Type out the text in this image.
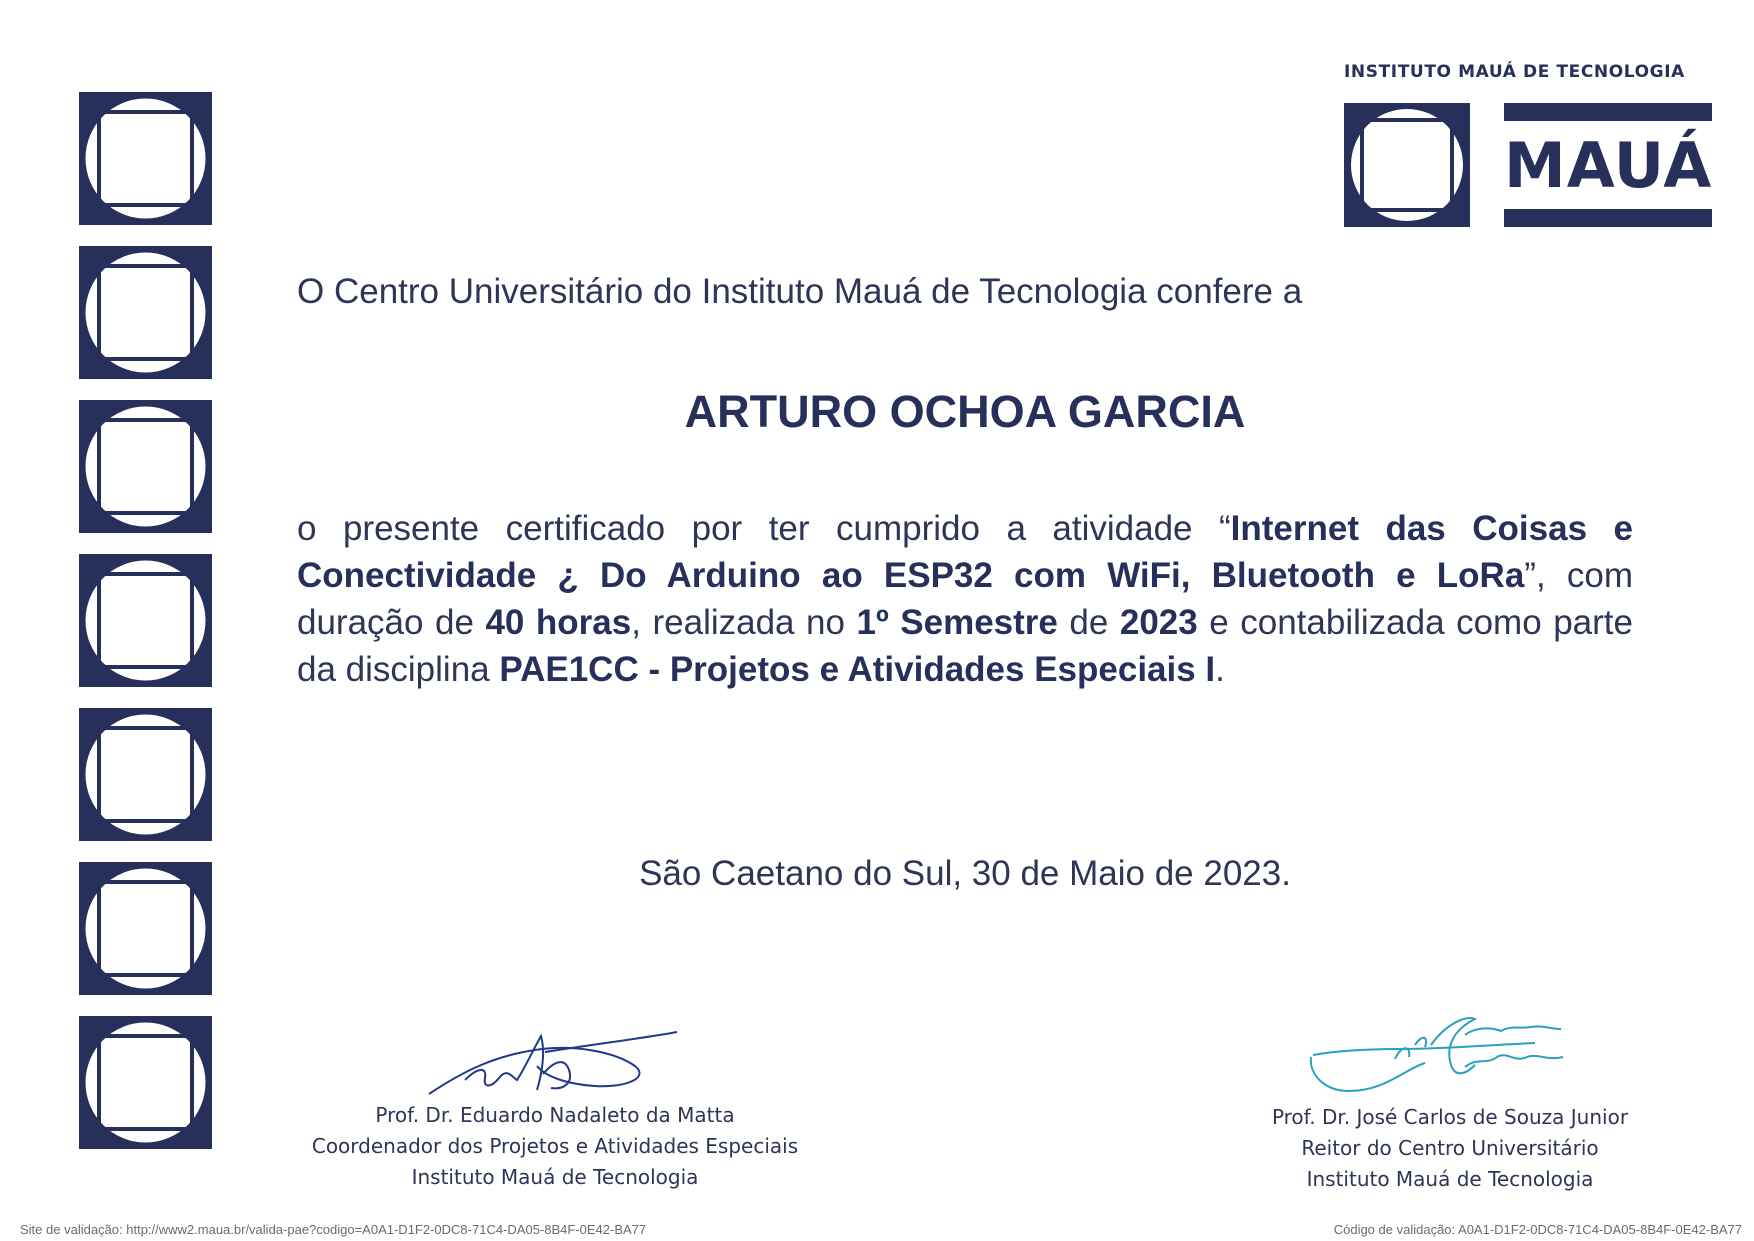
INSTITUTO MAUÁ DE TECNOLOGIA
MAUÁ
O Centro Universitário do Instituto Mauá de Tecnologia confere a
ARTURO OCHOA GARCIA
o presente certificado por ter cumprido a atividade “Internet das Coisas e Conectividade ¿ Do Arduino ao ESP32 com WiFi, Bluetooth e LoRa”, com duração de 40 horas, realizada no 1º Semestre de 2023 e contabilizada como parte da disciplina PAE1CC - Projetos e Atividades Especiais I.
São Caetano do Sul, 30 de Maio de 2023.
Prof. Dr. Eduardo Nadaleto da Matta
Coordenador dos Projetos e Atividades Especiais
Instituto Mauá de Tecnologia
Prof. Dr. José Carlos de Souza Junior
Reitor do Centro Universitário
Instituto Mauá de Tecnologia
Site de validação: http://www2.maua.br/valida-pae?codigo=A0A1-D1F2-0DC8-71C4-DA05-8B4F-0E42-BA77	Código de validação: A0A1-D1F2-0DC8-71C4-DA05-8B4F-0E42-BA77
